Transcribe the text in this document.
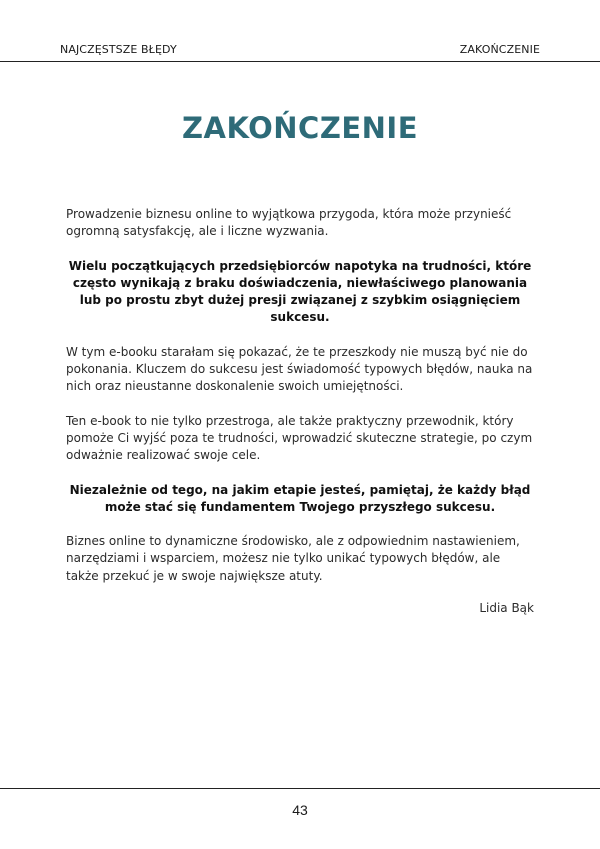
NAJCZĘSTSZE BŁĘDY	ZAKOŃCZENIE
ZAKOŃCZENIE

Prowadzenie biznesu online to wyjątkowa przygoda, która może przynieść ogromną satysfakcję, ale i liczne wyzwania.

Wielu początkujących przedsiębiorców napotyka na trudności, które często wynikają z braku doświadczenia, niewłaściwego planowania lub po prostu zbyt dużej presji związanej z szybkim osiągnięciem sukcesu.

W tym e-booku starałam się pokazać, że te przeszkody nie muszą być nie do pokonania. Kluczem do sukcesu jest świadomość typowych błędów, nauka na nich oraz nieustanne doskonalenie swoich umiejętności.

Ten e-book to nie tylko przestroga, ale także praktyczny przewodnik, który pomoże Ci wyjść poza te trudności, wprowadzić skuteczne strategie, po czym odważnie realizować swoje cele.

Niezależnie od tego, na jakim etapie jesteś, pamiętaj, że każdy błąd może stać się fundamentem Twojego przyszłego sukcesu.

Biznes online to dynamiczne środowisko, ale z odpowiednim nastawieniem, narzędziami i wsparciem, możesz nie tylko unikać typowych błędów, ale także przekuć je w swoje największe atuty.

Lidia Bąk
43
